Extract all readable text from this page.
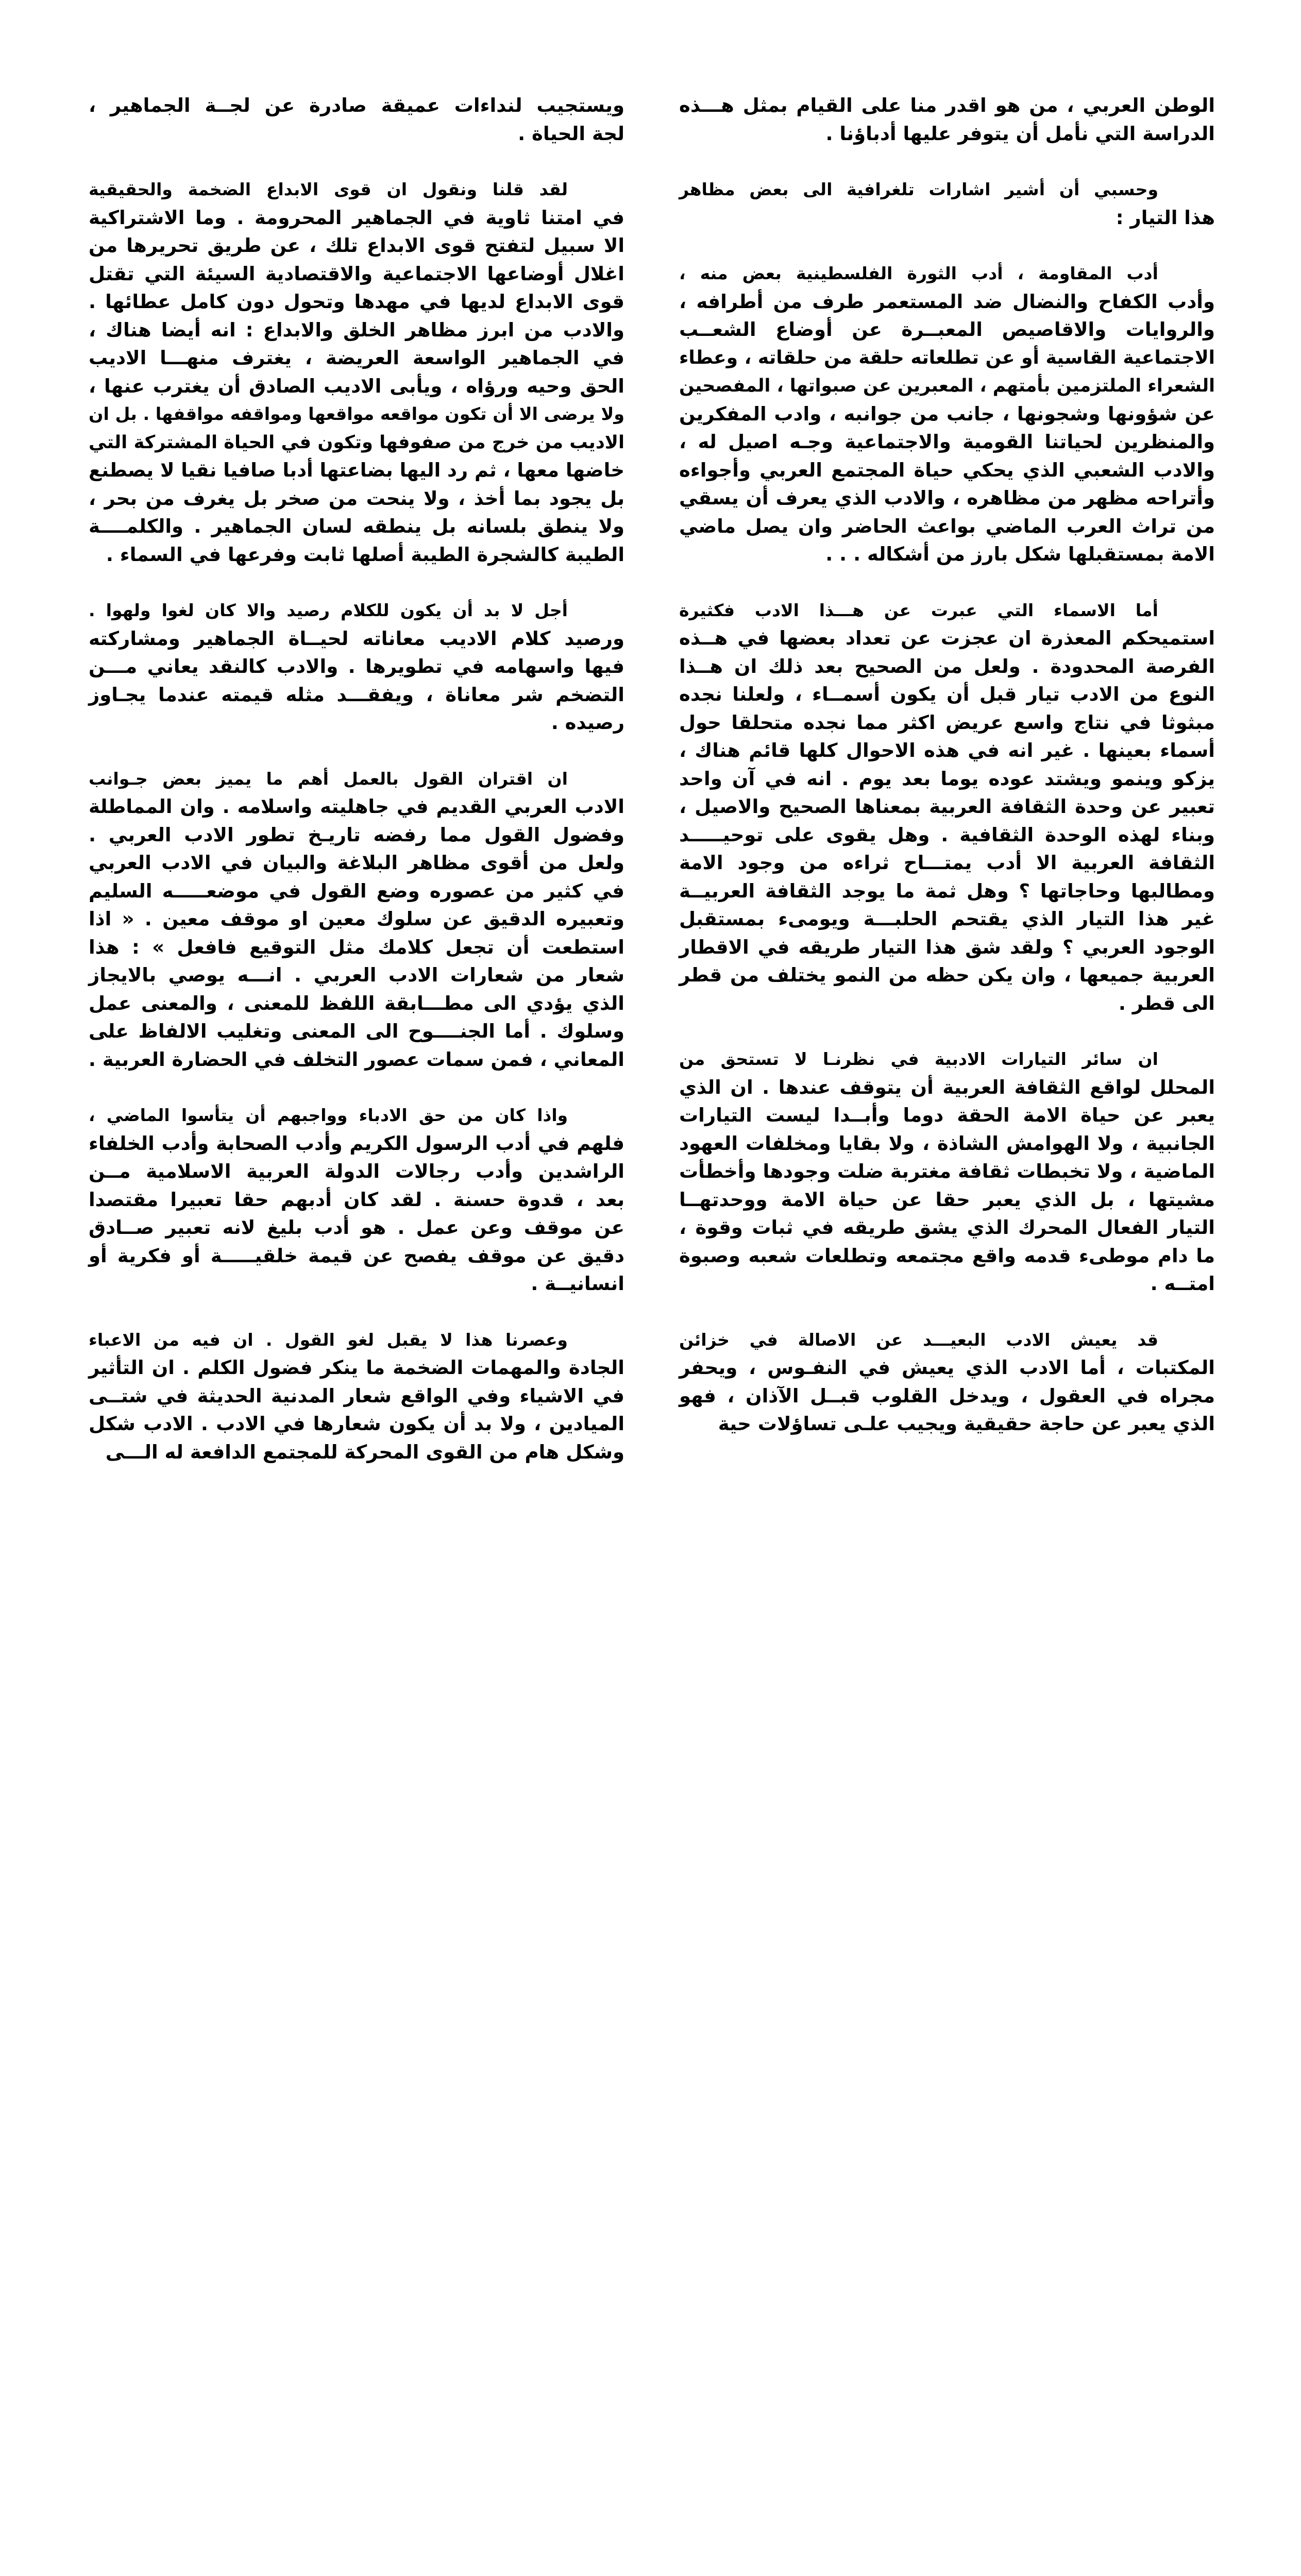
الوطن العربي ، من هو اقدر منا على القيام بمثل هـــذه
الدراسة التي نأمل أن يتوفر عليها أدباؤنا .
وحسبي أن أشير اشارات تلغرافية الى بعض مظاهر
هذا التيار :
أدب المقاومة ، أدب الثورة الفلسطينية بعض منه ،
وأدب الكفاح والنضال ضد المستعمر طرف من أطرافه ،
والروايات والاقاصيص المعبــرة عن أوضاع الشعــب
الاجتماعية القاسية أو عن تطلعاته حلقة من حلقاته ، وعطاء
الشعراء الملتزمين بأمتهم ، المعبرين عن صبواتها ، المفصحين
عن شؤونها وشجونها ، جانب من جوانبه ، وادب المفكرين
والمنظرين لحياتنا القومية والاجتماعية وجـه اصيل له ،
والادب الشعبي الذي يحكي حياة المجتمع العربي وأجواءه
وأتراحه مظهر من مظاهره ، والادب الذي يعرف أن يسقي
من تراث العرب الماضي بواعث الحاضر وان يصل ماضي
الامة بمستقبلها شكل بارز من أشكاله . . .
أما الاسماء التي عبرت عن هـــذا الادب فكثيرة
استميحكم المعذرة ان عجزت عن تعداد بعضها في هــذه
الفرصة المحدودة . ولعل من الصحيح بعد ذلك ان هــذا
النوع من الادب تيار قبل أن يكون أسمــاء ، ولعلنا نجده
مبثوثا في نتاج واسع عريض اكثر مما نجده متحلقا حول
أسماء بعينها . غير انه في هذه الاحوال كلها قائم هناك ،
يزكو وينمو ويشتد عوده يوما بعد يوم . انه في آن واحد
تعبير عن وحدة الثقافة العربية بمعناها الصحيح والاصيل ،
وبناء لهذه الوحدة الثقافية . وهل يقوى على توحيـــــد
الثقافة العربية الا أدب يمتـــاح ثراءه من وجود الامة
ومطالبها وحاجاتها ؟ وهل ثمة ما يوجد الثقافة العربيــة
غير هذا التيار الذي يقتحم الحلبـــة ويومىء بمستقبل
الوجود العربي ؟ ولقد شق هذا التيار طريقه في الاقطار
العربية جميعها ، وان يكن حظه من النمو يختلف من قطر
الى قطر .
ان سائر التيارات الادبية في نظرنـا لا تستحق من
المحلل لواقع الثقافة العربية أن يتوقف عندها . ان الذي
يعبر عن حياة الامة الحقة دوما وأبــدا ليست التيارات
الجانبية ، ولا الهوامش الشاذة ، ولا بقايا ومخلفات العهود
الماضية ، ولا تخبطات ثقافة مغتربة ضلت وجودها وأخطأت
مشيتها ، بل الذي يعبر حقا عن حياة الامة ووحدتهــا
التيار الفعال المحرك الذي يشق طريقه في ثبات وقوة ،
ما دام موطىء قدمه واقع مجتمعه وتطلعات شعبه وصبوة
امتــه .
قد يعيش الادب البعيـــد عن الاصالة في خزائن
المكتبات ، أما الادب الذي يعيش في النفـوس ، ويحفر
مجراه في العقول ، ويدخل القلوب قبــل الآذان ، فهو
الذي يعبر عن حاجة حقيقية ويجيب علـى تساؤلات حية
ويستجيب لنداءات عميقة صادرة عن لجــة الجماهير ،
لجة الحياة .
لقد قلنا ونقول ان قوى الابداع الضخمة والحقيقية
في امتنا ثاوية في الجماهير المحرومة . وما الاشتراكية
الا سبيل لتفتح قوى الابداع تلك ، عن طريق تحريرها من
اغلال أوضاعها الاجتماعية والاقتصادية السيئة التي تقتل
قوى الابداع لديها في مهدها وتحول دون كامل عطائها .
والادب من ابرز مظاهر الخلق والابداع : انه أيضا هناك ،
في الجماهير الواسعة العريضة ، يغترف منهـــا الاديب
الحق وحيه ورؤاه ، ويأبى الاديب الصادق أن يغترب عنها ،
ولا يرضى الا أن تكون مواقعه مواقعها ومواقفه مواقفها . بل ان
الاديب من خرج من صفوفها وتكون في الحياة المشتركة التي
خاضها معها ، ثم رد اليها بضاعتها أدبا صافيا نقيا لا يصطنع
بل يجود بما أخذ ، ولا ينحت من صخر بل يغرف من بحر ،
ولا ينطق بلسانه بل ينطقه لسان الجماهير . والكلمــــة
الطيبة كالشجرة الطيبة أصلها ثابت وفرعها في السماء .
أجل لا بد أن يكون للكلام رصيد والا كان لغوا ولهوا .
ورصيد كلام الاديب معاناته لحيــاة الجماهير ومشاركته
فيها واسهامه في تطويرها . والادب كالنقد يعاني مـــن
التضخم شر معاناة ، ويفقـــد مثله قيمته عندما يجـاوز
رصيده .
ان اقتران القول بالعمل أهم ما يميز بعض جـوانب
الادب العربي القديم في جاهليته واسلامه . وان المماطلة
وفضول القول مما رفضه تاريـخ تطور الادب العربي .
ولعل من أقوى مظاهر البلاغة والبيان في الادب العربي
في كثير من عصوره وضع القول في موضعـــــه السليم
وتعبيره الدقيق عن سلوك معين او موقف معين . « اذا
استطعت أن تجعل كلامك مثل التوقيع فافعل » : هذا
شعار من شعارات الادب العربي . انـــه يوصي بالايجاز
الذي يؤدي الى مطـــابقة اللفظ للمعنى ، والمعنى عمل
وسلوك . أما الجنــــوح الى المعنى وتغليب الالفاظ على
المعاني ، فمن سمات عصور التخلف في الحضارة العربية .
واذا كان من حق الادباء وواجبهم أن يتأسوا الماضي ،
فلهم في أدب الرسول الكريم وأدب الصحابة وأدب الخلفاء
الراشدين وأدب رجالات الدولة العربية الاسلامية مــن
بعد ، قدوة حسنة . لقد كان أدبهم حقا تعبيرا مقتصدا
عن موقف وعن عمل . هو أدب بليغ لانه تعبير صــادق
دقيق عن موقف يفصح عن قيمة خلقيـــــة أو فكرية أو
انسانيــة .
وعصرنا هذا لا يقبل لغو القول . ان فيه من الاعباء
الجادة والمهمات الضخمة ما ينكر فضول الكلم . ان التأثير
في الاشياء وفي الواقع شعار المدنية الحديثة في شتــى
الميادين ، ولا بد أن يكون شعارها في الادب . الادب شكل
وشكل هام من القوى المحركة للمجتمع الدافعة له الـــى
